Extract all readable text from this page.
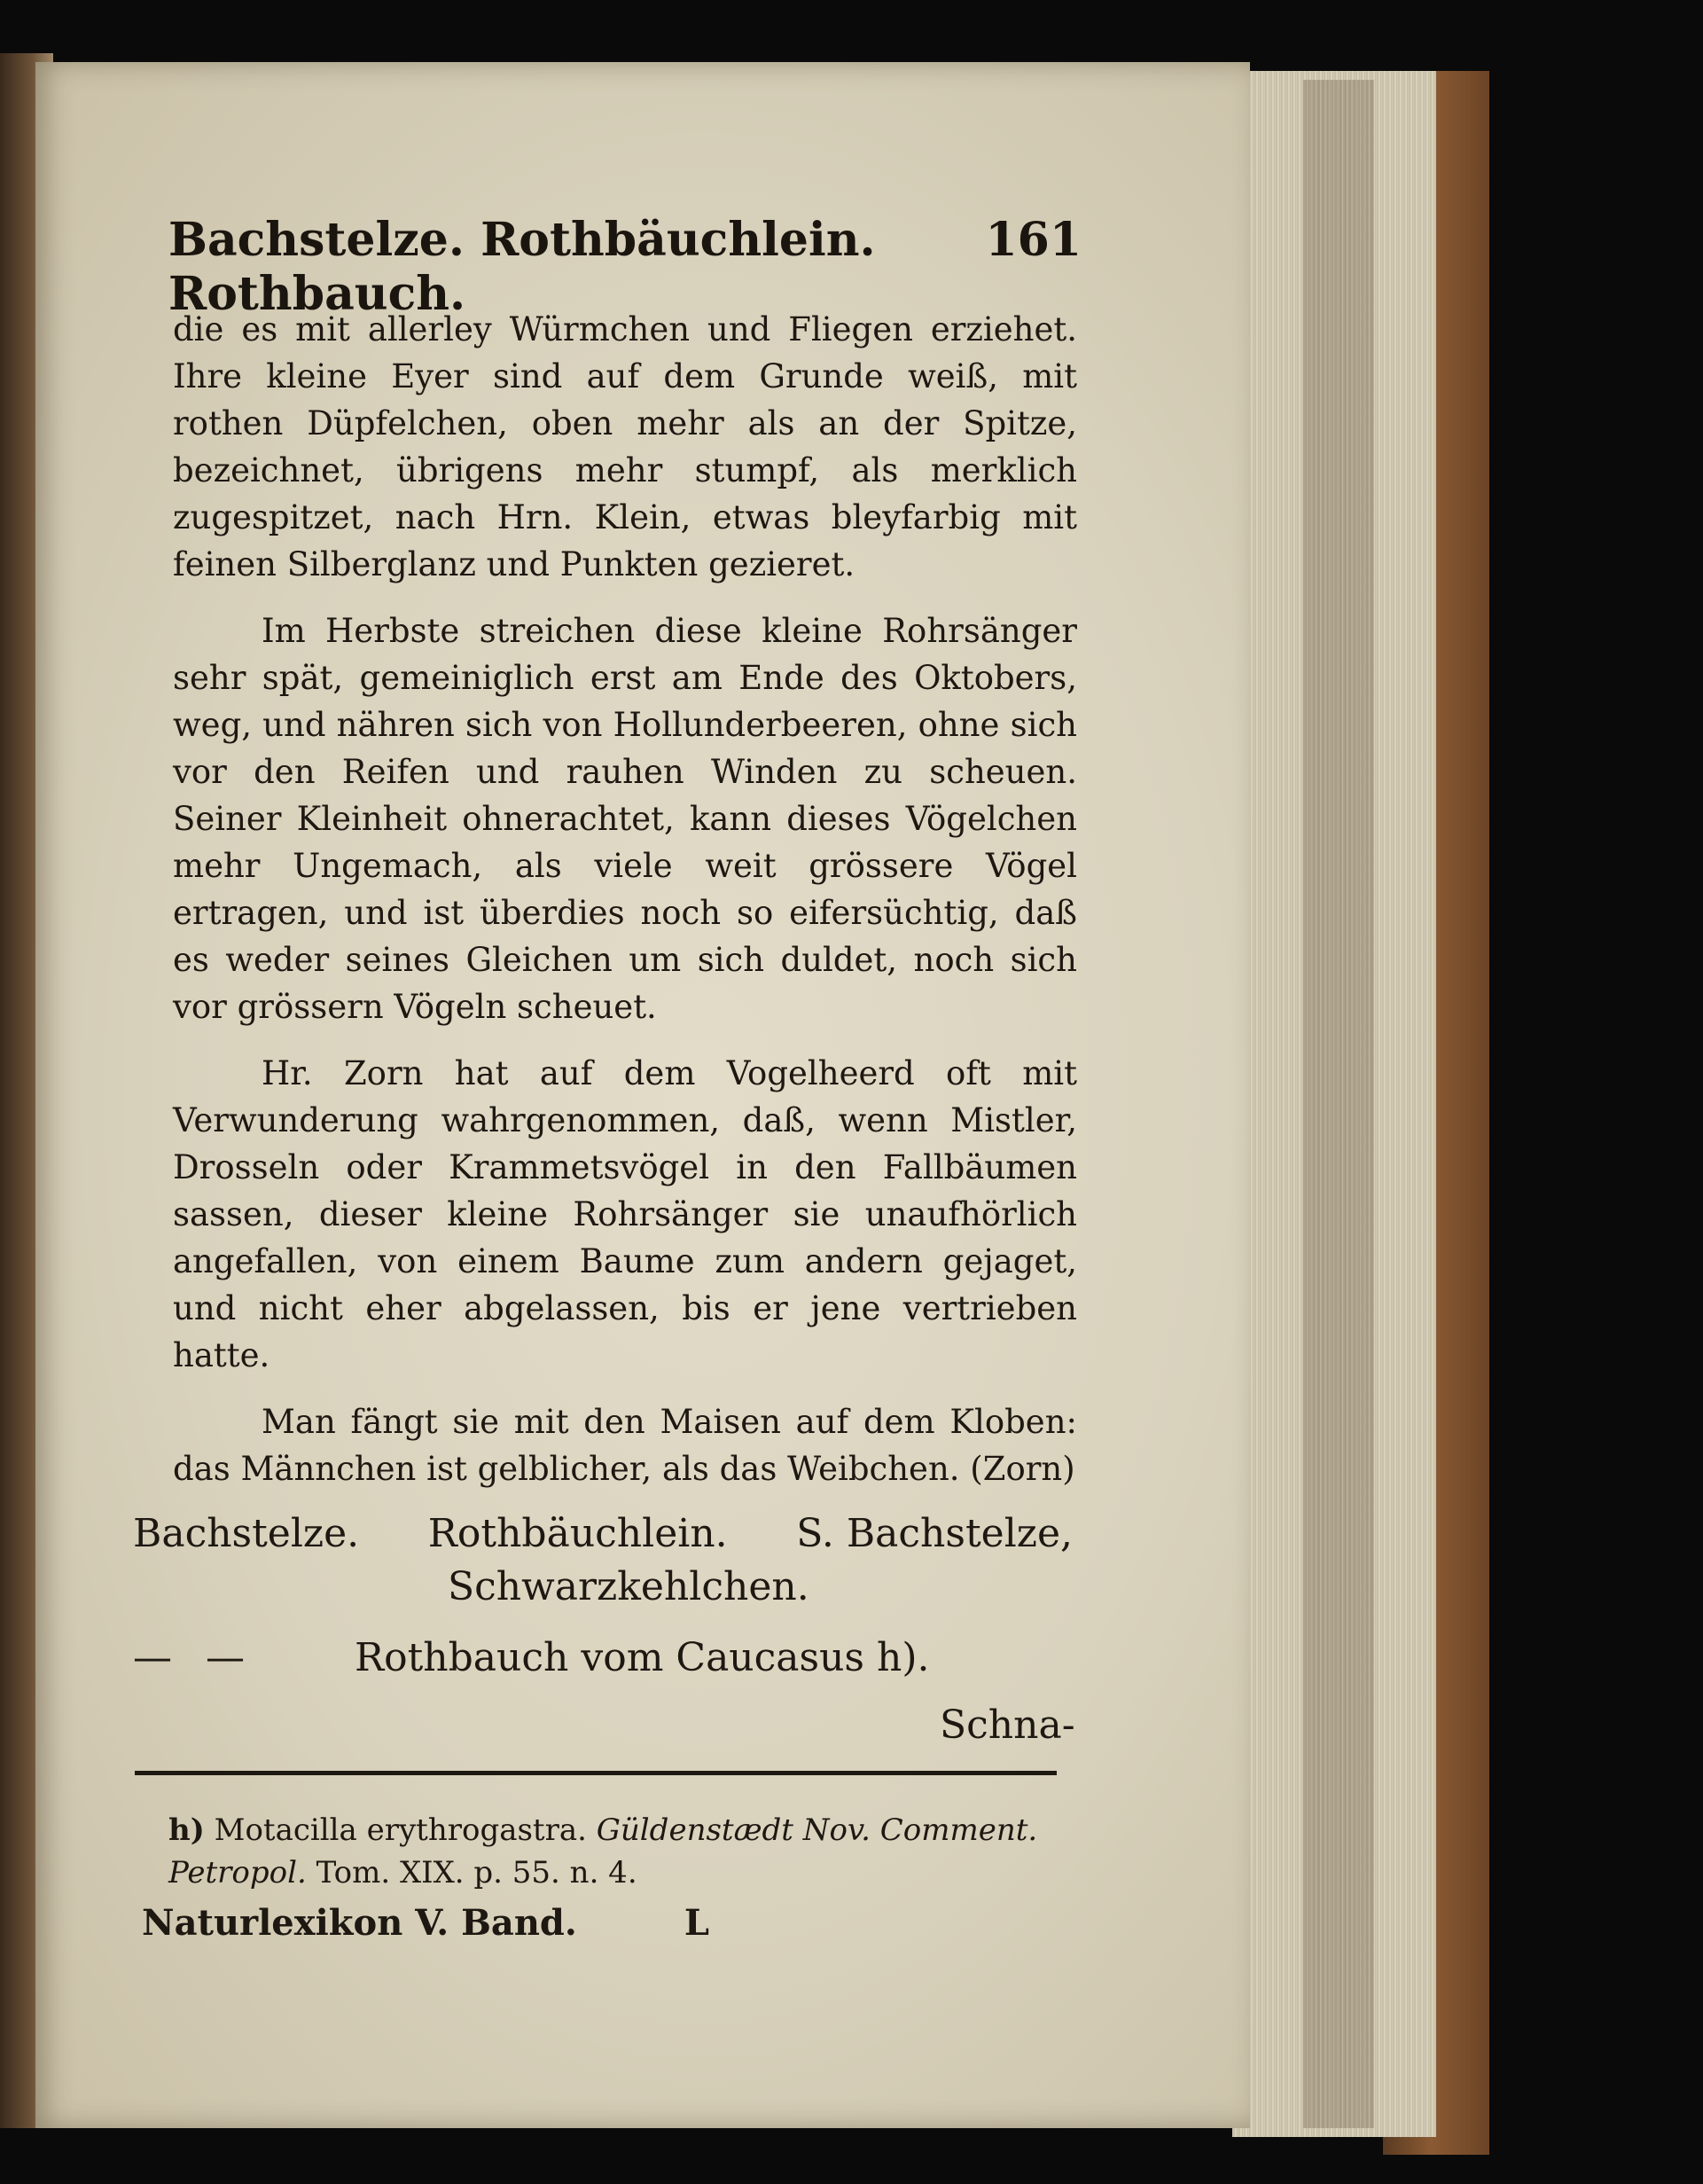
Bachstelze. Rothbäuchlein. Rothbauch.
161

die es mit allerley Würmchen und Fliegen erziehet. Ihre kleine Eyer sind auf dem Grunde weiß, mit rothen Düpfelchen, oben mehr als an der Spitze, bezeichnet, übrigens mehr stumpf, als merklich zugespitzet, nach Hrn. Klein, etwas bleyfarbig mit feinen Silberglanz und Punkten gezieret.

Im Herbste streichen diese kleine Rohrsänger sehr spät, gemeiniglich erst am Ende des Oktobers, weg, und nähren sich von Hollunderbeeren, ohne sich vor den Reifen und rauhen Winden zu scheuen. Seiner Kleinheit ohnerachtet, kann dieses Vögelchen mehr Ungemach, als viele weit grössere Vögel ertragen, und ist überdies noch so eifersüchtig, daß es weder seines Gleichen um sich duldet, noch sich vor grössern Vögeln scheuet.

Hr. Zorn hat auf dem Vogelheerd oft mit Verwunderung wahrgenommen, daß, wenn Mistler, Drosseln oder Krammetsvögel in den Fallbäumen sassen, dieser kleine Rohrsänger sie unaufhörlich angefallen, von einem Baume zum andern gejaget, und nicht eher abgelassen, bis er jene vertrieben hatte.

Man fängt sie mit den Maisen auf dem Kloben: das Männchen ist gelblicher, als das Weibchen. (Zorn)

Bachstelze. Rothbäuchlein. S. Bachstelze,
Schwarzkehlchen.
— —	Rothbauch vom Caucasus h).
Schna-
h) Motacilla erythrogastra. Güldenstædt Nov. Comment. Petropol. Tom. XIX. p. 55. n. 4.
Naturlexikon V. Band.	L
